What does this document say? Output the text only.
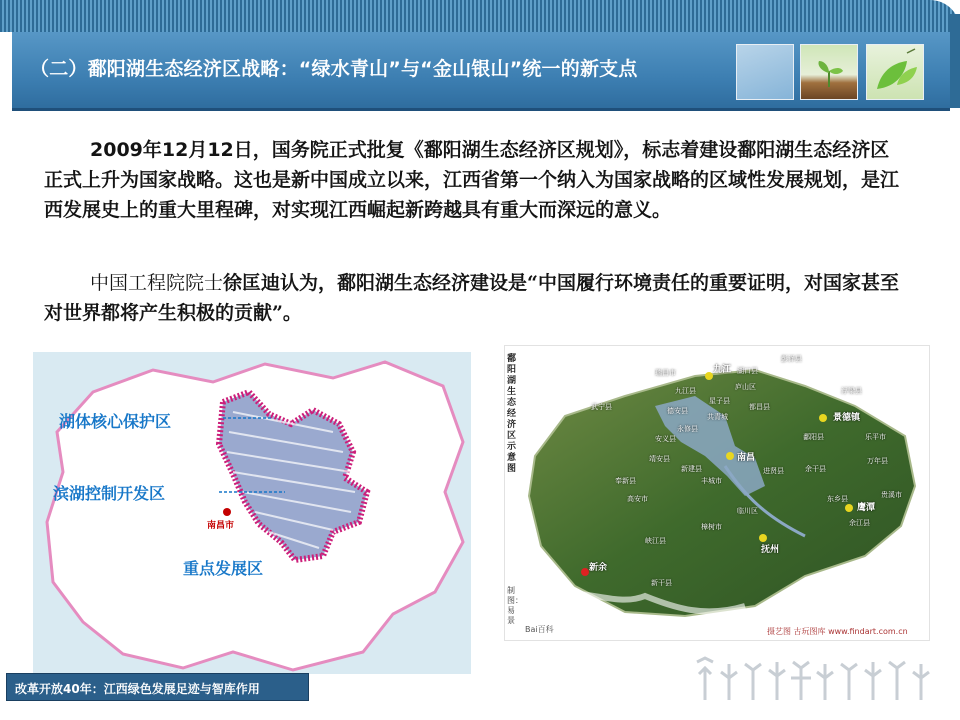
（二）鄱阳湖生态经济区战略：“绿水青山”与“金山银山”统一的新支点
2009年12月12日，国务院正式批复《鄱阳湖生态经济区规划》，标志着建设鄱阳湖生态经济区正式上升为国家战略。这也是新中国成立以来，江西省第一个纳入为国家战略的区域性发展规划，是江西发展史上的重大里程碑，对实现江西崛起新跨越具有重大而深远的意义。
中国工程院院士徐匡迪认为，鄱阳湖生态经济建设是“中国履行环境责任的重要证明，对国家甚至对世界都将产生积极的贡献”。
湖体核心保护区
滨湖控制开发区
重点发展区
南昌市
鄱阳湖生态经济区示意图
制图：易景
九江
景德镇
南昌
抚州
鹰潭
新余
瑞昌市	湖口县
彭泽县
九江县	庐山区
武宁县
星子县
都昌县
德安县
永修县
浮梁县
共青城
鄱阳县	乐平市
安义县
万年县
靖安县
进贤县	余干县
奉新县
新建县
丰城市
东乡县
余江县
贵溪市
樟树市
高安市
峡江县
新干县
临川区
Bai百科	摄艺图 古玩图库 www.findart.com.cn
改革开放40年：江西绿色发展足迹与智库作用
